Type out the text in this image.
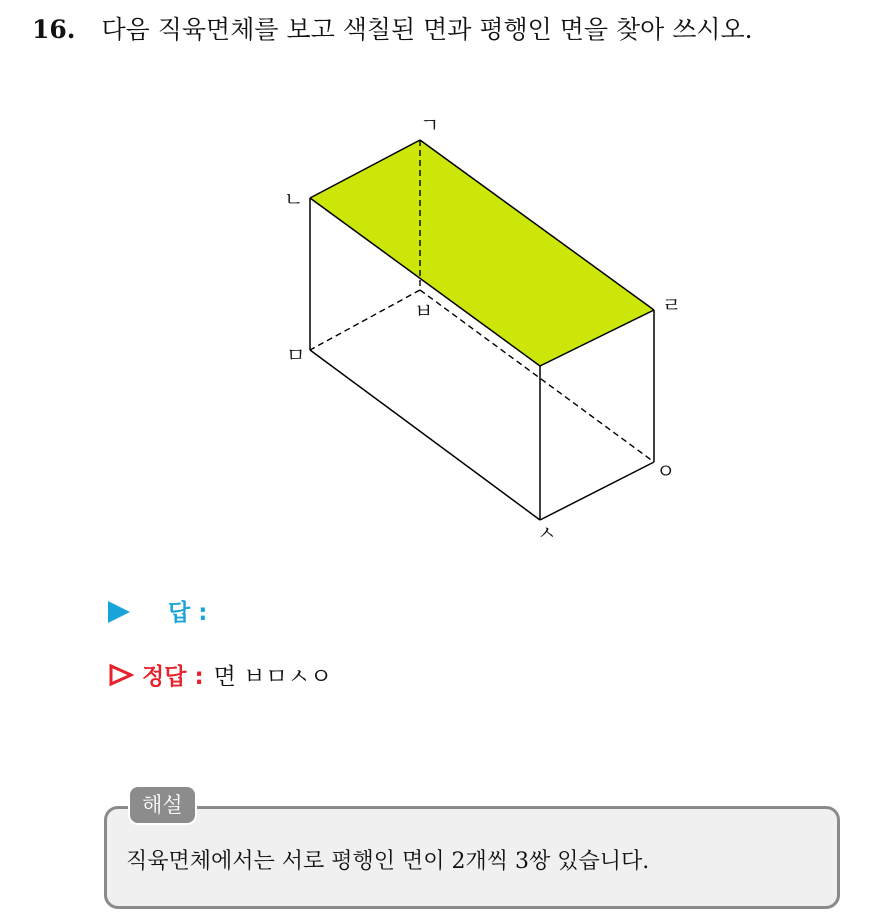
16. 다음 직육면체를 보고 색칠된 면과 평행인 면을 찾아 쓰시오.
ㄱ
ㄴ
ㄹ
ㅂ
ㅁ
ㅇ
ㅅ
답 :
정답 : 면 ㅂㅁㅅㅇ
해설
직육면체에서는 서로 평행인 면이 2개씩 3쌍 있습니다.
